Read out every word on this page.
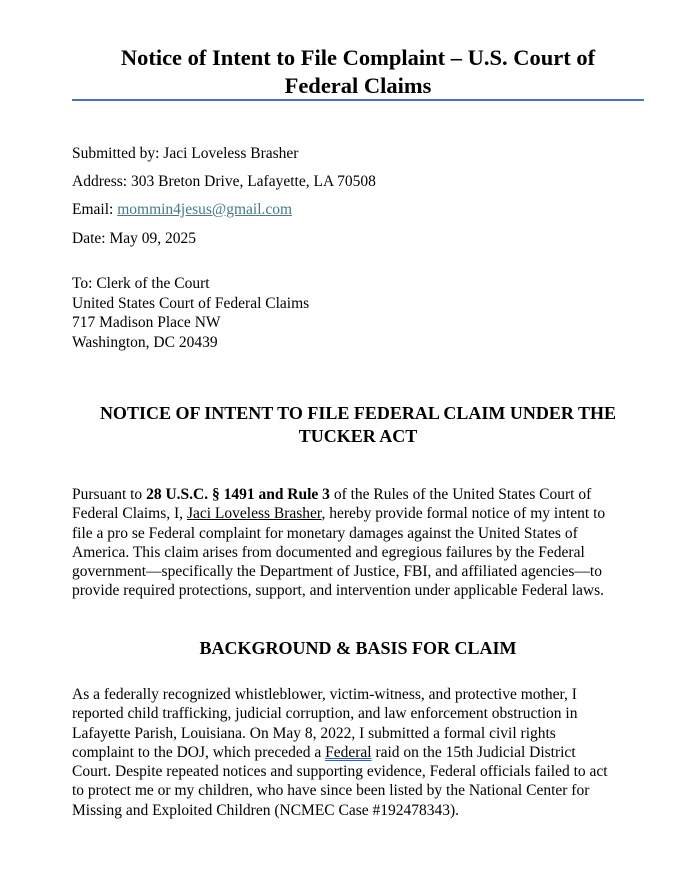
Notice of Intent to File Complaint – U.S. Court of
Federal Claims
Submitted by: Jaci Loveless Brasher
Address: 303 Breton Drive, Lafayette, LA 70508
Email: mommin4jesus@gmail.com
Date: May 09, 2025
To: Clerk of the Court
United States Court of Federal Claims
717 Madison Place NW
Washington, DC 20439
NOTICE OF INTENT TO FILE FEDERAL CLAIM UNDER THE
TUCKER ACT
Pursuant to 28 U.S.C. § 1491 and Rule 3 of the Rules of the United States Court of
Federal Claims, I, Jaci Loveless Brasher, hereby provide formal notice of my intent to
file a pro se Federal complaint for monetary damages against the United States of
America. This claim arises from documented and egregious failures by the Federal
government—specifically the Department of Justice, FBI, and affiliated agencies—to
provide required protections, support, and intervention under applicable Federal laws.
BACKGROUND & BASIS FOR CLAIM
As a federally recognized whistleblower, victim-witness, and protective mother, I
reported child trafficking, judicial corruption, and law enforcement obstruction in
Lafayette Parish, Louisiana. On May 8, 2022, I submitted a formal civil rights
complaint to the DOJ, which preceded a Federal raid on the 15th Judicial District
Court. Despite repeated notices and supporting evidence, Federal officials failed to act
to protect me or my children, who have since been listed by the National Center for
Missing and Exploited Children (NCMEC Case #192478343).
